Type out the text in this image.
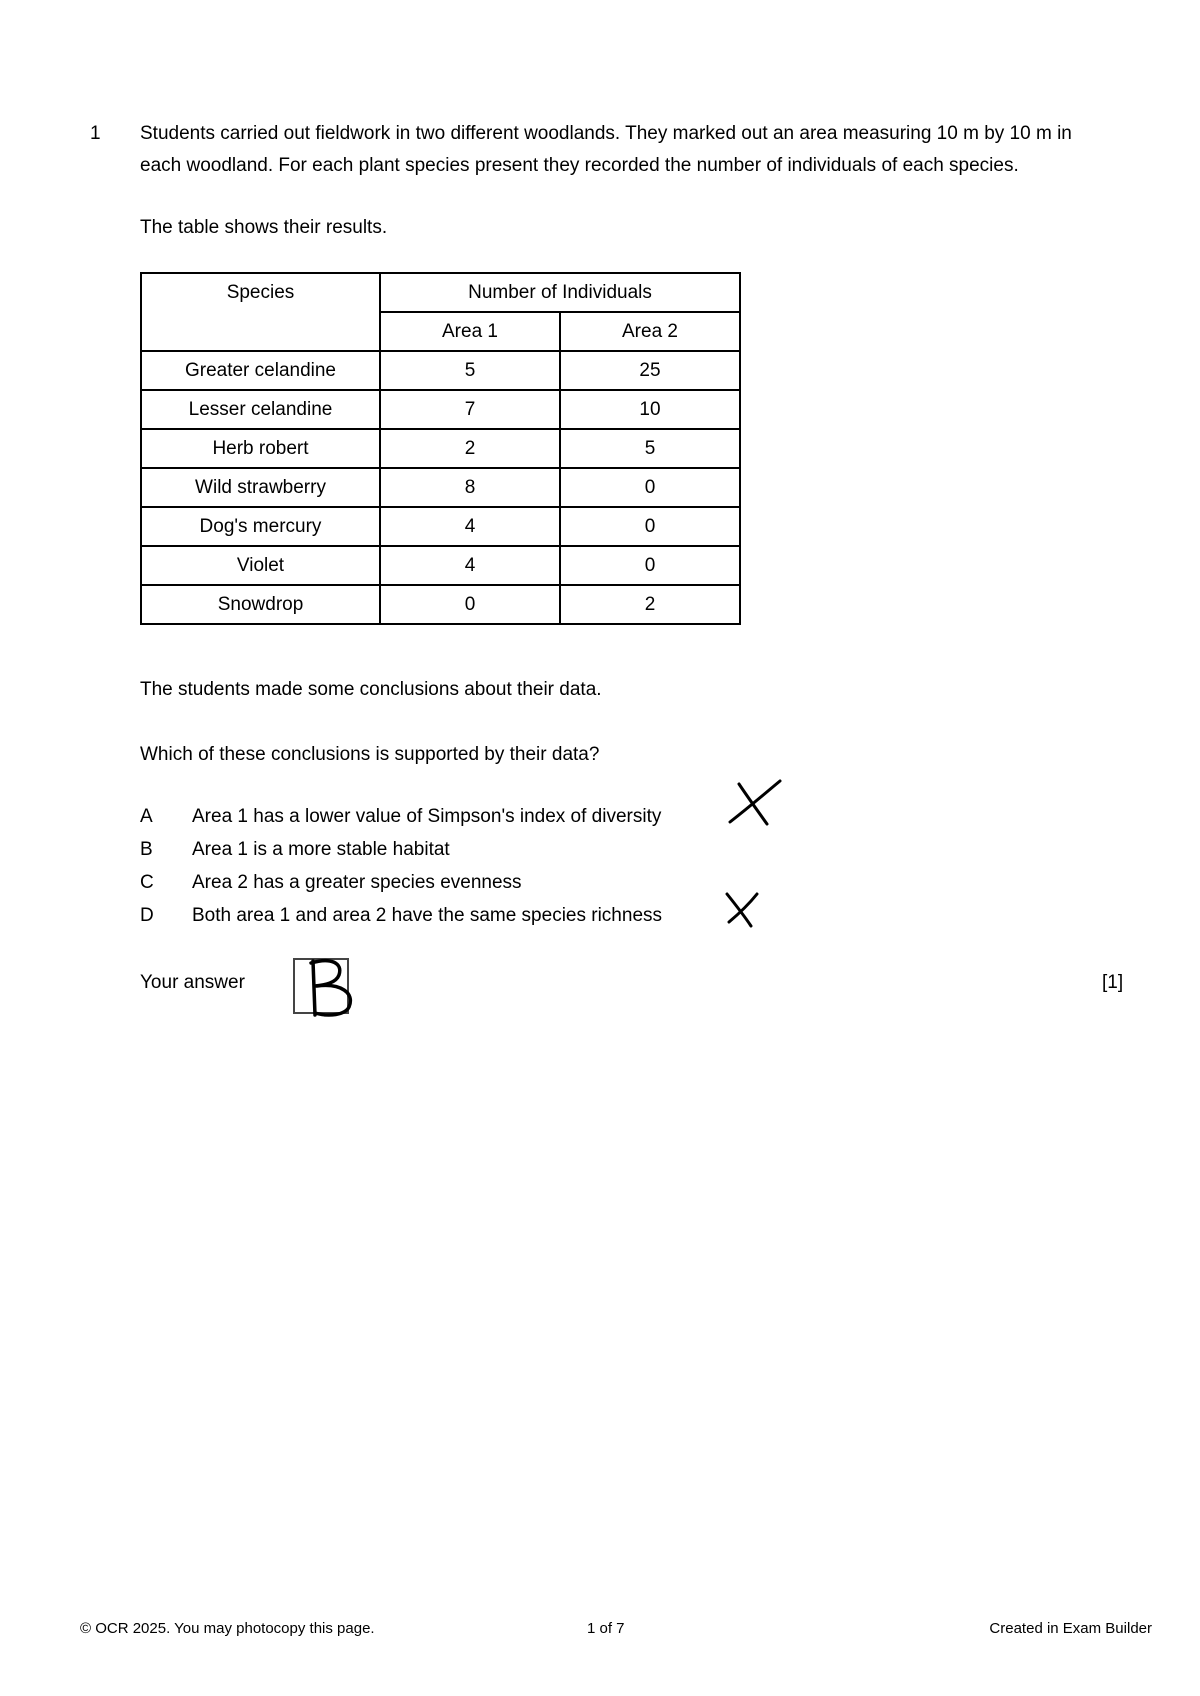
1 Students carried out fieldwork in two different woodlands. They marked out an area measuring 10 m by 10 m in
each woodland. For each plant species present they recorded the number of individuals of each species.

The table shows their results.

Species	Number of Individuals	
	Area 1	Area 2
Greater celandine	5	25
Lesser celandine	7	10
Herb robert	2	5
Wild strawberry	8	0
Dog's mercury	4	0
Violet	4	0
Snowdrop	0	2

The students made some conclusions about their data.

Which of these conclusions is supported by their data?

A Area 1 has a lower value of Simpson's index of diversity
B Area 1 is a more stable habitat
C Area 2 has a greater species evenness
D Both area 1 and area 2 have the same species richness
Your answer	[1]
© OCR 2025. You may photocopy this page.	1 of 7	Created in Exam Builder
